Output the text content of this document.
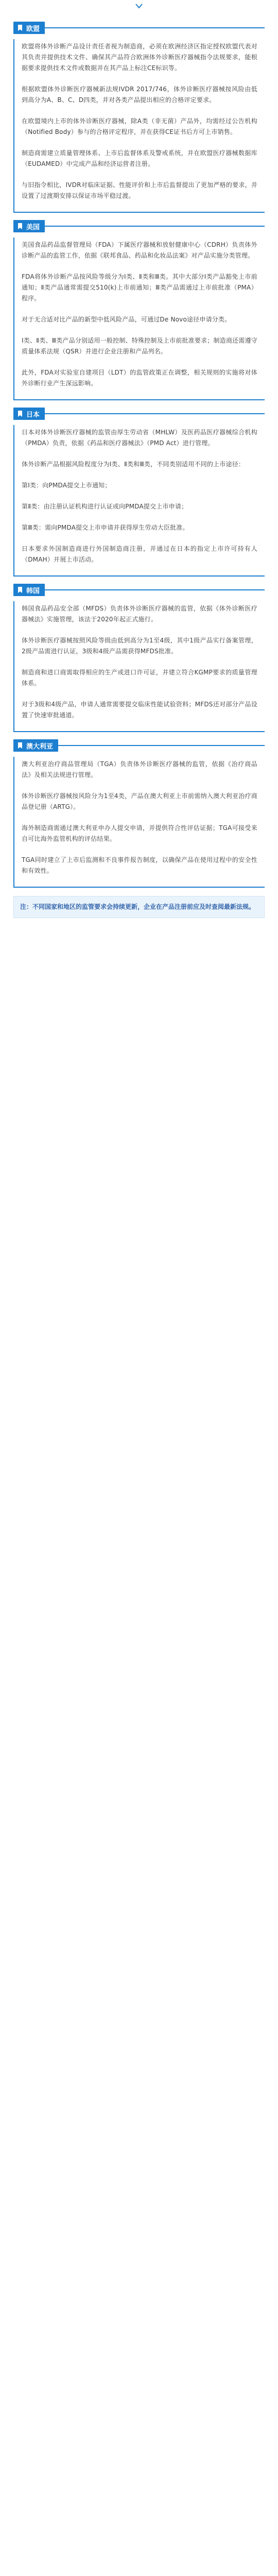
欧盟

欧盟将体外诊断产品设计责任者视为制造商，必须在欧洲经济区指定授权欧盟代表对其负责并提供技术文件、确保其产品符合欧洲体外诊断医疗器械指令法规要求，能根据要求提供技术文件或数据并在其产品上标注CE标识等。

根据欧盟体外诊断医疗器械新法规IVDR 2017/746，体外诊断医疗器械按风险由低到高分为A、B、C、D四类，并对各类产品提出相应的合格评定要求。

在欧盟境内上市的体外诊断医疗器械，除A类（非无菌）产品外，均需经过公告机构（Notified Body）参与的合格评定程序，并在获得CE证书后方可上市销售。

制造商需建立质量管理体系、上市后监督体系及警戒系统，并在欧盟医疗器械数据库（EUDAMED）中完成产品和经济运营者注册。

与旧指令相比，IVDR对临床证据、性能评价和上市后监督提出了更加严格的要求，并设置了过渡期安排以保证市场平稳过渡。

美国

美国食品药品监督管理局（FDA）下属医疗器械和放射健康中心（CDRH）负责体外诊断产品的监管工作，依据《联邦食品、药品和化妆品法案》对产品实施分类管理。

FDA将体外诊断产品按风险等级分为Ⅰ类、Ⅱ类和Ⅲ类。其中大部分Ⅰ类产品豁免上市前通知；Ⅱ类产品通常需提交510(k)上市前通知；Ⅲ类产品需通过上市前批准（PMA）程序。

对于无合适对比产品的新型中低风险产品，可通过De Novo途径申请分类。

Ⅰ类、Ⅱ类、Ⅲ类产品分别适用一般控制、特殊控制及上市前批准要求；制造商还需遵守质量体系法规（QSR）并进行企业注册和产品列名。

此外，FDA对实验室自建项目（LDT）的监管政策正在调整，相关规则的实施将对体外诊断行业产生深远影响。

日本

日本对体外诊断医疗器械的监管由厚生劳动省（MHLW）及医药品医疗器械综合机构（PMDA）负责，依据《药品和医疗器械法》（PMD Act）进行管理。

体外诊断产品根据风险程度分为Ⅰ类、Ⅱ类和Ⅲ类，不同类别适用不同的上市途径：

第Ⅰ类：向PMDA提交上市通知；

第Ⅱ类：由注册认证机构进行认证或向PMDA提交上市申请；

第Ⅲ类：需向PMDA提交上市申请并获得厚生劳动大臣批准。

日本要求外国制造商进行外国制造商注册，并通过在日本的指定上市许可持有人（DMAH）开展上市活动。

韩国

韩国食品药品安全部（MFDS）负责体外诊断医疗器械的监管，依据《体外诊断医疗器械法》实施管理，该法于2020年起正式施行。

体外诊断医疗器械按照风险等级由低到高分为1至4级，其中1级产品实行备案管理，2级产品需进行认证，3级和4级产品需获得MFDS批准。

制造商和进口商需取得相应的生产或进口许可证，并建立符合KGMP要求的质量管理体系。

对于3级和4级产品，申请人通常需要提交临床性能试验资料；MFDS还对部分产品设置了快速审批通道。

澳大利亚

澳大利亚治疗商品管理局（TGA）负责体外诊断医疗器械的监管，依据《治疗商品法》及相关法规进行管理。

体外诊断医疗器械按风险分为1至4类，产品在澳大利亚上市前需纳入澳大利亚治疗商品登记册（ARTG）。

海外制造商需通过澳大利亚申办人提交申请，并提供符合性评估证据；TGA可接受来自可比海外监管机构的评估结果。

TGA同时建立了上市后监测和不良事件报告制度，以确保产品在使用过程中的安全性和有效性。

注：不同国家和地区的监管要求会持续更新，企业在产品注册前应及时查阅最新法规。
